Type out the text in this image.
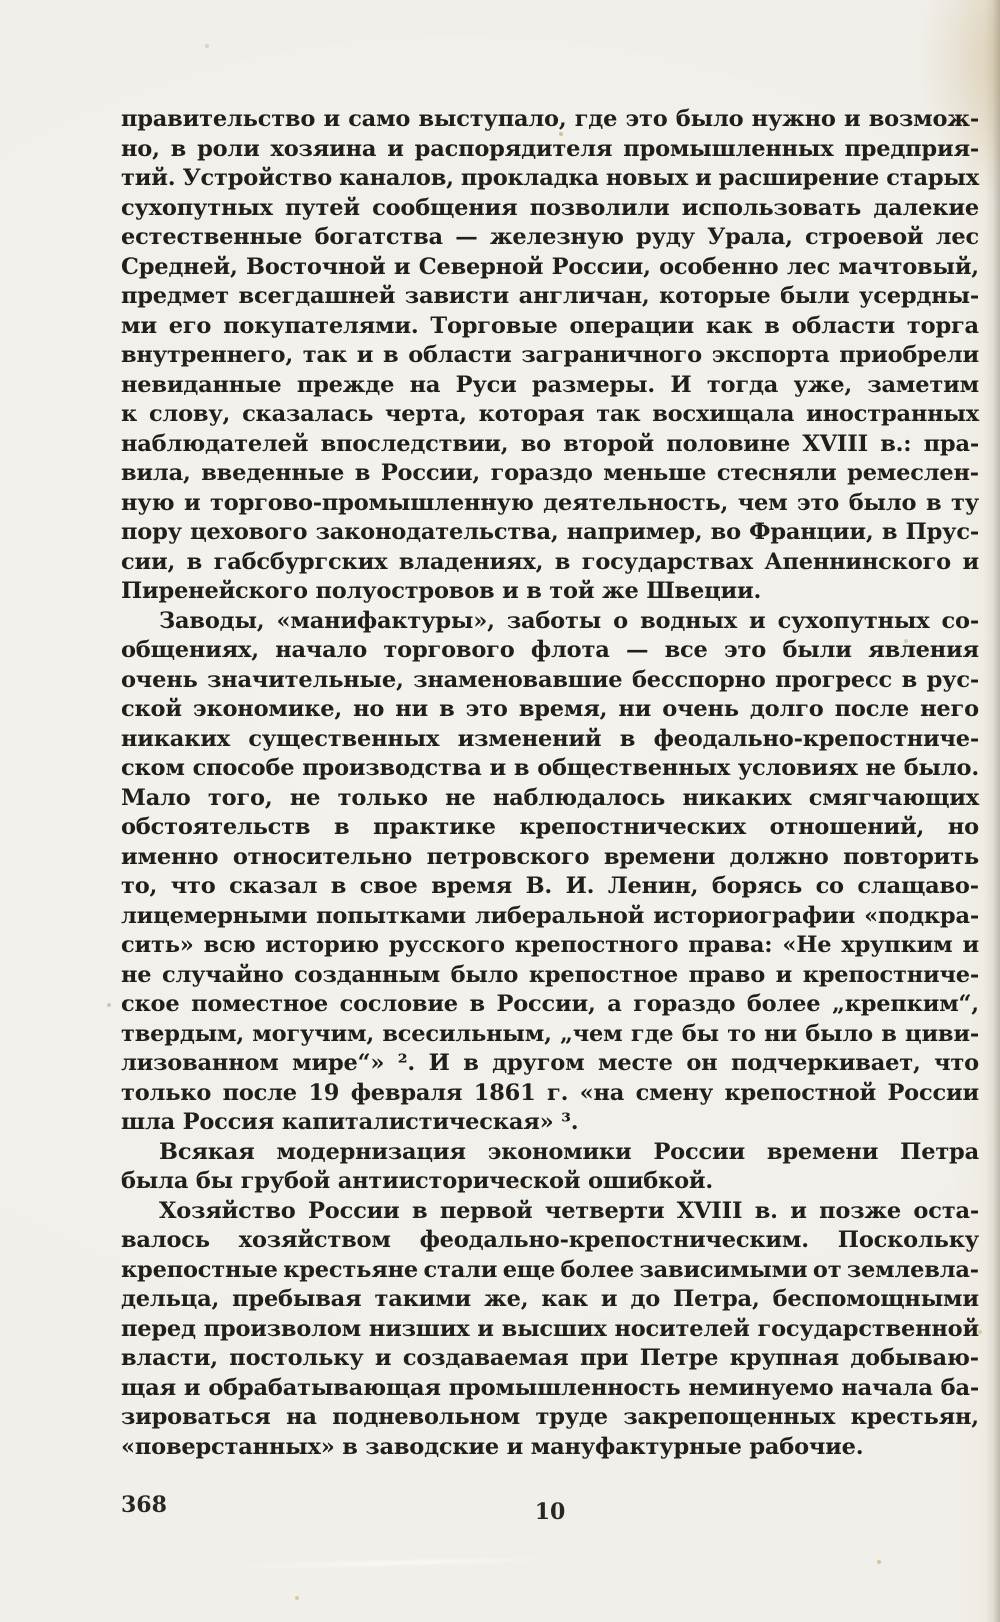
правительство и само выступало, где это было нужно и возмож-
но, в роли хозяина и распорядителя промышленных предприя-
тий. Устройство каналов, прокладка новых и расширение старых
сухопутных путей сообщения позволили использовать далекие
естественные богатства — железную руду Урала, строевой лес
Средней, Восточной и Северной России, особенно лес мачтовый,
предмет всегдашней зависти англичан, которые были усердны-
ми его покупателями. Торговые операции как в области торга
внутреннего, так и в области заграничного экспорта приобрели
невиданные прежде на Руси размеры. И тогда уже, заметим
к слову, сказалась черта, которая так восхищала иностранных
наблюдателей впоследствии, во второй половине XVIII в.: пра-
вила, введенные в России, гораздо меньше стесняли ремеслен-
ную и торгово-промышленную деятельность, чем это было в ту
пору цехового законодательства, например, во Франции, в Прус-
сии, в габсбургских владениях, в государствах Апеннинского и
Пиренейского полуостровов и в той же Швеции.
Заводы, «манифактуры», заботы о водных и сухопутных со-
общениях, начало торгового флота — все это были явления
очень значительные, знаменовавшие бесспорно прогресс в рус-
ской экономике, но ни в это время, ни очень долго после него
никаких существенных изменений в феодально-крепостниче-
ском способе производства и в общественных условиях не было.
Мало того, не только не наблюдалось никаких смягчающих
обстоятельств в практике крепостнических отношений, но
именно относительно петровского времени должно повторить
то, что сказал в свое время В. И. Ленин, борясь со слащаво-
лицемерными попытками либеральной историографии «подкра-
сить» всю историю русского крепостного права: «Не хрупким и
не случайно созданным было крепостное право и крепостниче-
ское поместное сословие в России, а гораздо более „крепким“,
твердым, могучим, всесильным, „чем где бы то ни было в циви-
лизованном мире“» ². И в другом месте он подчеркивает, что
только после 19 февраля 1861 г. «на смену крепостной России
шла Россия капиталистическая» ³.
Всякая модернизация экономики России времени Петра
была бы грубой антиисторической ошибкой.
Хозяйство России в первой четверти XVIII в. и позже оста-
валось хозяйством феодально-крепостническим. Поскольку
крепостные крестьяне стали еще более зависимыми от землевла-
дельца, пребывая такими же, как и до Петра, беспомощными
перед произволом низших и высших носителей государственной
власти, постольку и создаваемая при Петре крупная добываю-
щая и обрабатывающая промышленность неминуемо начала ба-
зироваться на подневольном труде закрепощенных крестьян,
«поверстанных» в заводские и мануфактурные рабочие.
368	10
